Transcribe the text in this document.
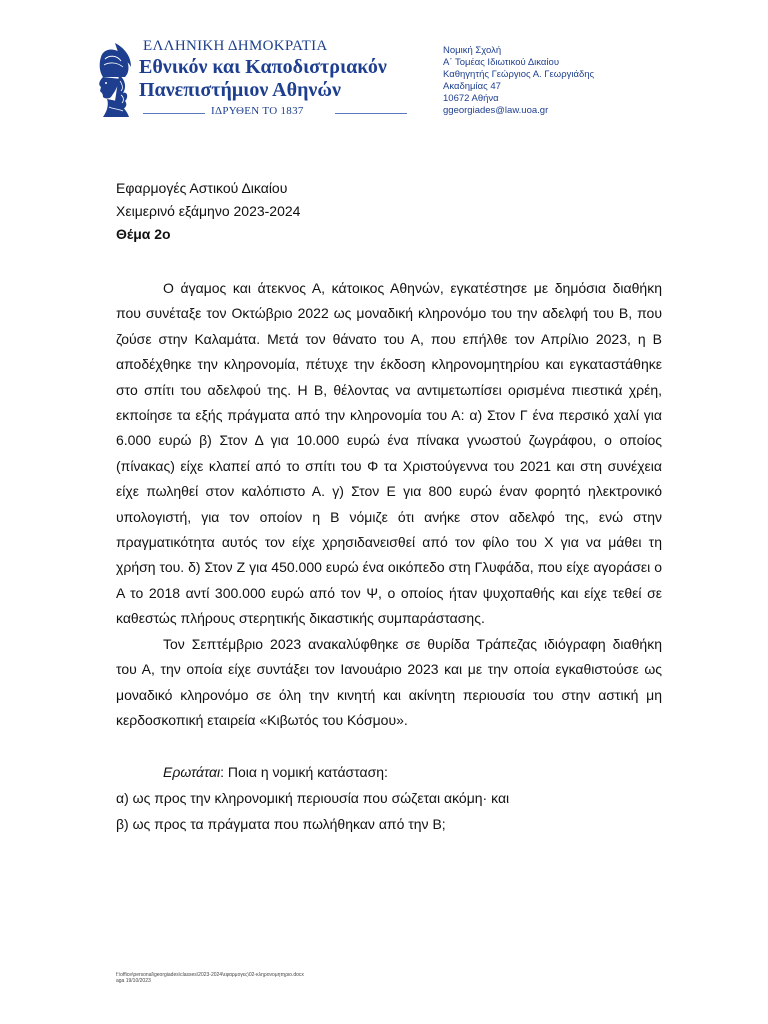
ΕΛΛΗΝΙΚΗ ΔΗΜΟΚΡΑΤΙΑ
Εθνικόν και Καποδιστριακόν
Πανεπιστήμιον Αθηνών
ΙΔΡΥΘΕΝ ΤΟ 1837
Νομική Σχολή
Α΄ Τομέας Ιδιωτικού Δικαίου
Καθηγητής Γεώργιος Α. Γεωργιάδης
Ακαδημίας 47
10672 Αθήνα
ggeorgiades@law.uoa.gr
Εφαρμογές Αστικού Δικαίου
Χειμερινό εξάμηνο 2023-2024
Θέμα 2ο

Ο άγαμος και άτεκνος Α, κάτοικος Αθηνών, εγκατέστησε με δημόσια διαθήκη που συνέταξε τον Οκτώβριο 2022 ως μοναδική κληρονόμο του την αδελφή του Β, που ζούσε στην Καλαμάτα. Μετά τον θάνατο του Α, που επήλθε τον Απρίλιο 2023, η Β αποδέχθηκε την κληρονομία, πέτυχε την έκδοση κληρονομητηρίου και εγκαταστάθηκε στο σπίτι του αδελφού της. Η Β, θέλοντας να αντιμετωπίσει ορισμένα πιεστικά χρέη, εκποίησε τα εξής πράγματα από την κληρονομία του Α: α) Στον Γ ένα περσικό χαλί για 6.000 ευρώ β) Στον Δ για 10.000 ευρώ ένα πίνακα γνωστού ζωγράφου, ο οποίος (πίνακας) είχε κλαπεί από το σπίτι του Φ τα Χριστούγεννα του 2021 και στη συνέχεια είχε πωληθεί στον καλόπιστο Α. γ) Στον Ε για 800 ευρώ έναν φορητό ηλεκτρονικό υπολογιστή, για τον οποίον η Β νόμιζε ότι ανήκε στον αδελφό της, ενώ στην πραγματικότητα αυτός τον είχε χρησιδανεισθεί από τον φίλο του Χ για να μάθει τη χρήση του. δ) Στον Ζ για 450.000 ευρώ ένα οικόπεδο στη Γλυφάδα, που είχε αγοράσει ο Α το 2018 αντί 300.000 ευρώ από τον Ψ, ο οποίος ήταν ψυχοπαθής και είχε τεθεί σε καθεστώς πλήρους στερητικής δικαστικής συμπαράστασης.

Τον Σεπτέμβριο 2023 ανακαλύφθηκε σε θυρίδα Τράπεζας ιδιόγραφη διαθήκη του Α, την οποία είχε συντάξει τον Ιανουάριο 2023 και με την οποία εγκαθιστούσε ως μοναδικό κληρονόμο σε όλη την κινητή και ακίνητη περιουσία του στην αστική μη κερδοσκοπική εταιρεία «Κιβωτός του Κόσμου».

Ερωτάται: Ποια η νομική κατάσταση:
α) ως προς την κληρονομική περιουσία που σώζεται ακόμη· και
β) ως προς τα πράγματα που πωλήθηκαν από την Β;
f:\office\personal\georgiades\classes\2023-2024\εφαρμογες\02-κληρονομητηριο.docx
aga 19/10/2023
